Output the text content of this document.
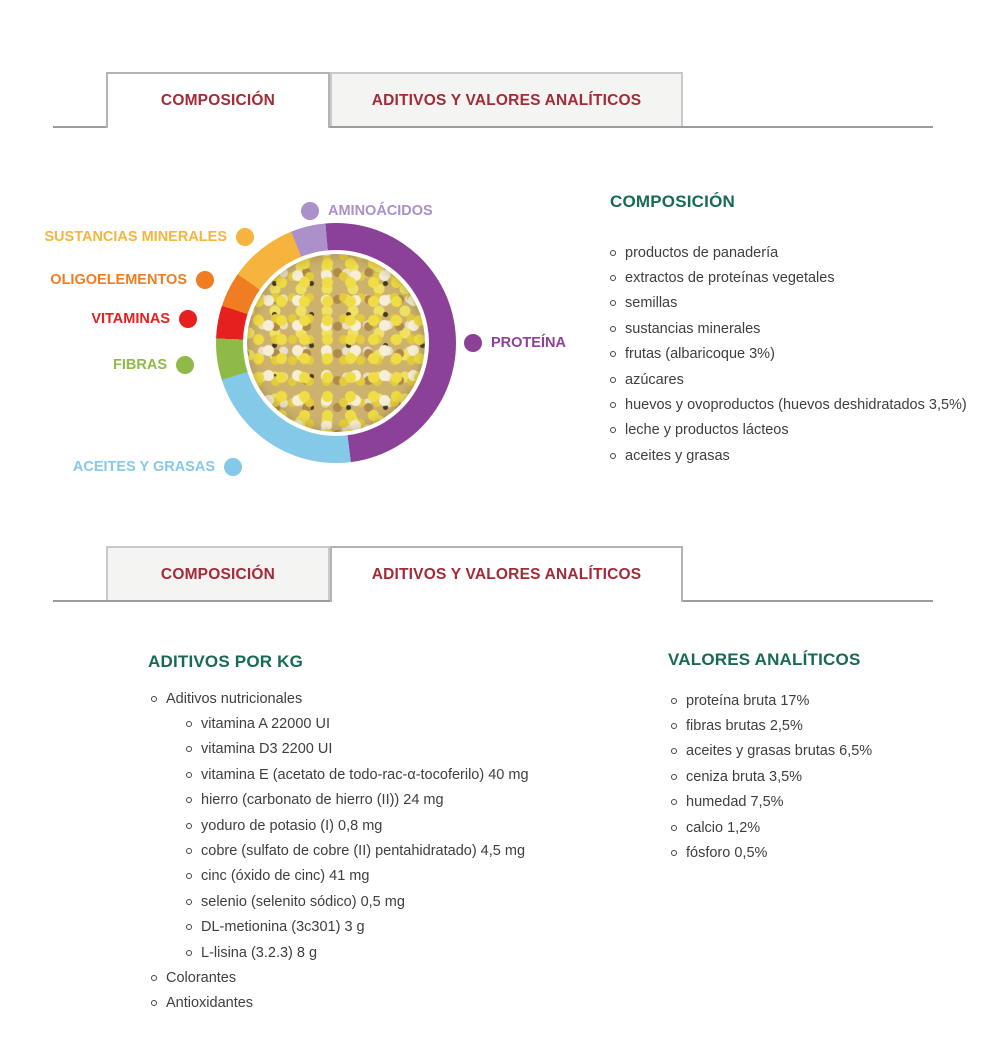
COMPOSICIÓN	ADITIVOS Y VALORES ANALÍTICOS
PROTEÍNA
ACEITES Y GRASAS
FIBRAS
VITAMINAS
OLIGOELEMENTOS
SUSTANCIAS MINERALES
AMINOÁCIDOS	COMPOSICIÓN
productos de panadería
extractos de proteínas vegetales
semillas
sustancias minerales
frutas (albaricoque 3%)
azúcares
huevos y ovoproductos (huevos deshidratados 3,5%)
leche y productos lácteos
aceites y grasas
COMPOSICIÓN	ADITIVOS Y VALORES ANALÍTICOS
ADITIVOS POR KG
Aditivos nutricionales
vitamina A 22000 UI
vitamina D3 2200 UI
vitamina E (acetato de todo-rac-α-tocoferilo) 40 mg
hierro (carbonato de hierro (II)) 24 mg
yoduro de potasio (I) 0,8 mg
cobre (sulfato de cobre (II) pentahidratado) 4,5 mg
cinc (óxido de cinc) 41 mg
selenio (selenito sódico) 0,5 mg
DL-metionina (3c301) 3 g
L-lisina (3.2.3) 8 g
Colorantes
Antioxidantes
VALORES ANALÍTICOS
proteína bruta 17%
fibras brutas 2,5%
aceites y grasas brutas 6,5%
ceniza bruta 3,5%
humedad 7,5%
calcio 1,2%
fósforo 0,5%
